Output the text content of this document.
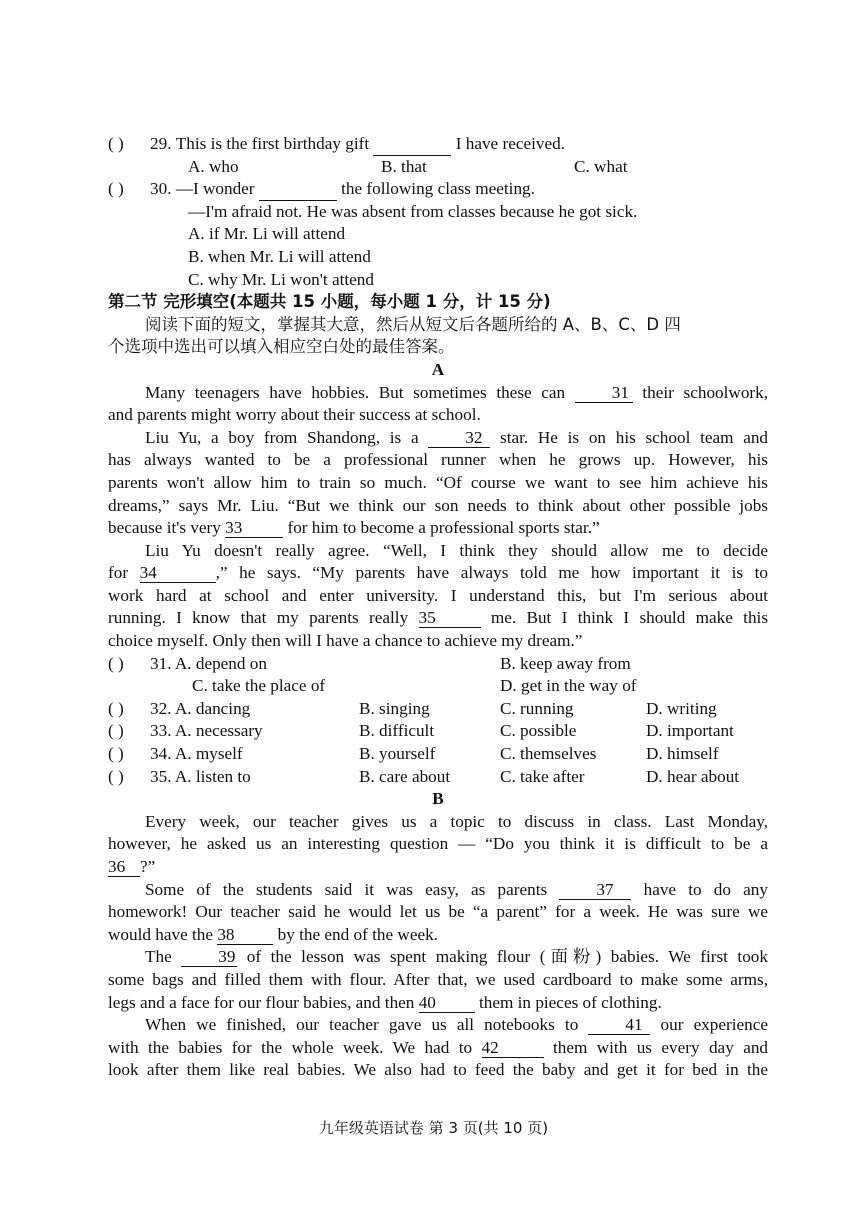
( )	29.
This is the first birthday gift

	I have received.
A. who	B. that	C. what
( )	30.
—I wonder

	the following class meeting.
—I'm afraid not. He was absent from classes because he got sick.
A. if Mr. Li will attend
B. when Mr. Li will attend
C. why Mr. Li won't attend
第二节 完形填空(本题共 15 小题，每小题 1 分，计 15 分)
阅读下面的短文，掌握其大意，然后从短文后各题所给的 A、B、C、D 四
个选项中选出可以填入相应空白处的最佳答案。
A
Many teenagers have hobbies. But sometimes these can	31 their schoolwork,
and parents might worry about their success at school.
Liu Yu, a boy from Shandong, is a	32 star. He is on his school team and
has always wanted to be a professional runner when he grows up. However, his
parents won't allow him to train so much. “Of course we want to see him achieve his
dreams,” says Mr. Liu. “But we think our son needs to think about other possible jobs
because it's very 33	for him to become a professional sports star.”
Liu Yu doesn't really agree. “Well, I think they should allow me to decide
for 34	,” he says. “My parents have always told me how important it is to
work hard at school and enter university. I understand this, but I'm serious about
running. I know that my parents really 35	me. But I think I should make this
choice myself. Only then will I have a chance to achieve my dream.”
( )	31. A. depend on	B. keep away from
C. take the place of	D. get in the way of
( )	32. A. dancing	B. singing	C. running	D. writing
( )	33. A. necessary	B. difficult	C. possible	D. important
( )	34. A. myself	B. yourself	C. themselves	D. himself
( )	35. A. listen to	B. care about	C. take after	D. hear about
B
Every week, our teacher gives us a topic to discuss in class. Last Monday,
however, he asked us an interesting question — “Do you think it is difficult to be a
36 ?”
Some of the students said it was easy, as parents	37 have to do any
homework! Our teacher said he would let us be “a parent” for a week. He was sure we
would have the 38	by the end of the week.
The	39 of the lesson was spent making flour (面粉) babies. We first took
some bags and filled them with flour. After that, we used cardboard to make some arms,
legs and a face for our flour babies, and then 40	them in pieces of clothing.
When we finished, our teacher gave us all notebooks to	41 our experience
with the babies for the whole week. We had to 42	them with us every day and
look after them like real babies. We also had to feed the baby and get it for bed in the
九年级英语试卷 第 3 页(共 10 页)
